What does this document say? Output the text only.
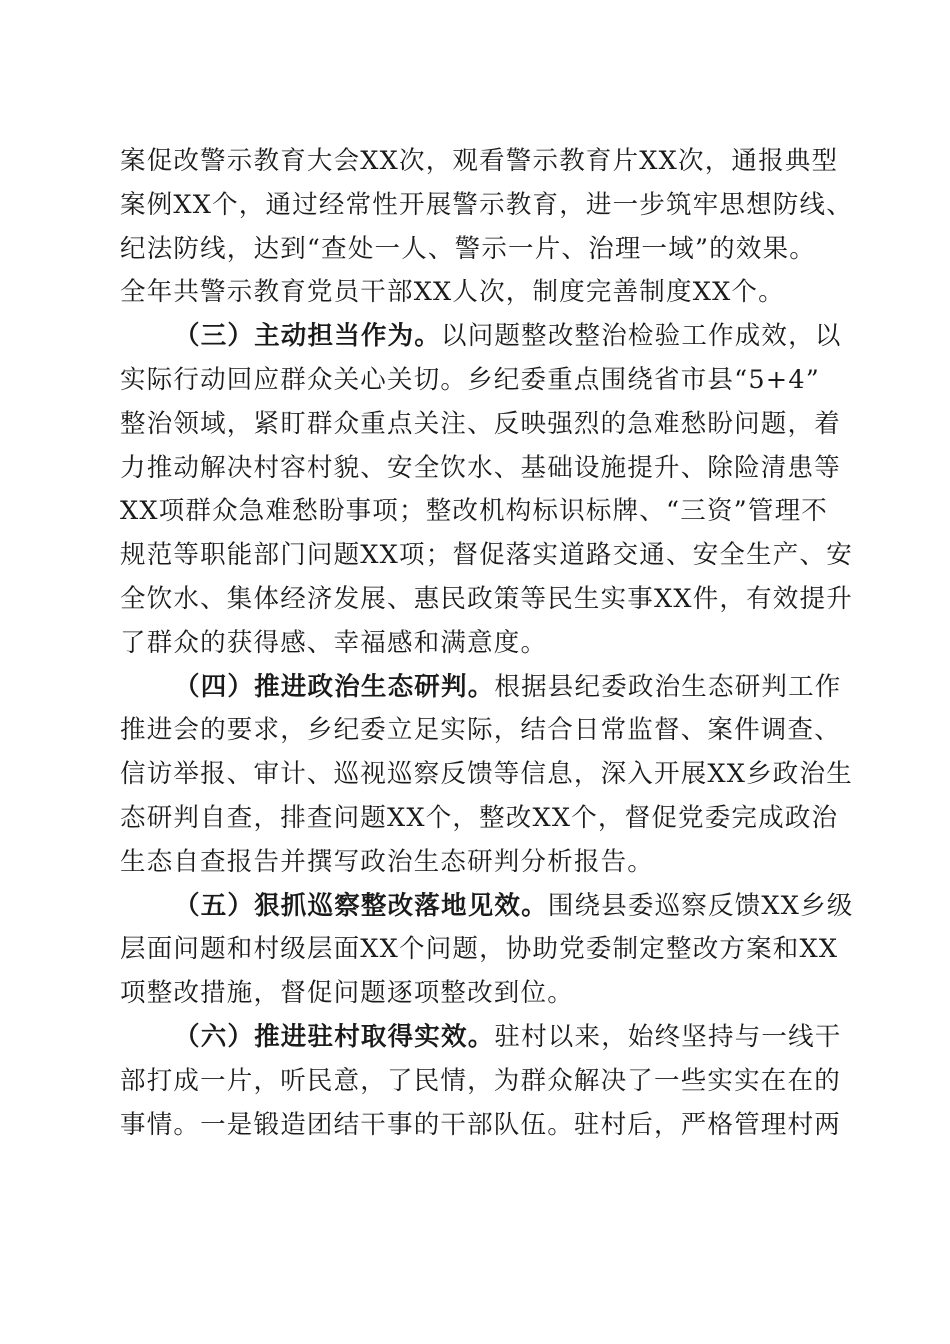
案促改警示教育大会XX次，观看警示教育片XX次，通报典型
案例XX个，通过经常性开展警示教育，进一步筑牢思想防线、
纪法防线，达到“查处一人、警示一片、治理一域”的效果。
全年共警示教育党员干部XX人次，制度完善制度XX个。
（三）主动担当作为。以问题整改整治检验工作成效，以
实际行动回应群众关心关切。乡纪委重点围绕省市县“5+4”
整治领域，紧盯群众重点关注、反映强烈的急难愁盼问题，着
力推动解决村容村貌、安全饮水、基础设施提升、除险清患等
XX项群众急难愁盼事项；整改机构标识标牌、“三资”管理不
规范等职能部门问题XX项；督促落实道路交通、安全生产、安
全饮水、集体经济发展、惠民政策等民生实事XX件，有效提升
了群众的获得感、幸福感和满意度。
（四）推进政治生态研判。根据县纪委政治生态研判工作
推进会的要求，乡纪委立足实际，结合日常监督、案件调查、
信访举报、审计、巡视巡察反馈等信息，深入开展XX乡政治生
态研判自查，排查问题XX个，整改XX个，督促党委完成政治
生态自查报告并撰写政治生态研判分析报告。
（五）狠抓巡察整改落地见效。围绕县委巡察反馈XX乡级
层面问题和村级层面XX个问题，协助党委制定整改方案和XX
项整改措施，督促问题逐项整改到位。
（六）推进驻村取得实效。驻村以来，始终坚持与一线干
部打成一片，听民意，了民情，为群众解决了一些实实在在的
事情。一是锻造团结干事的干部队伍。驻村后，严格管理村两
